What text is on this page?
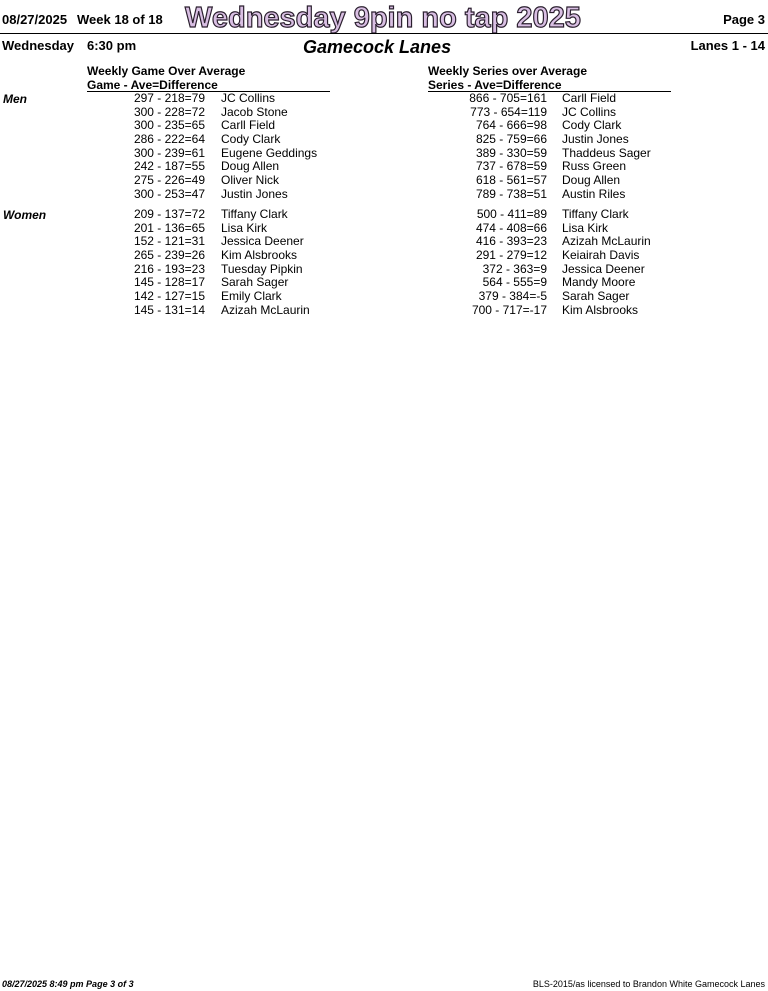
08/27/2025 Week 18 of 18 Wednesday 9pin no tap 2025	Page 3
Wednesday 6:30 pm	Gamecock Lanes	Lanes 1 - 14
Weekly Game Over Average
Game - Ave=Difference
Weekly Series over Average
Series - Ave=Difference
Men
Women
297 - 218=79 JC Collins
300 - 228=72 Jacob Stone
300 - 235=65 Carll Field
286 - 222=64 Cody Clark
300 - 239=61 Eugene Geddings
242 - 187=55 Doug Allen
275 - 226=49 Oliver Nick
300 - 253=47 Justin Jones
866 - 705=161 Carll Field
773 - 654=119 JC Collins
764 - 666=98 Cody Clark
825 - 759=66 Justin Jones
389 - 330=59 Thaddeus Sager
737 - 678=59 Russ Green
618 - 561=57 Doug Allen
789 - 738=51 Austin Riles
209 - 137=72 Tiffany Clark
201 - 136=65 Lisa Kirk
152 - 121=31 Jessica Deener
265 - 239=26 Kim Alsbrooks
216 - 193=23 Tuesday Pipkin
145 - 128=17 Sarah Sager
142 - 127=15 Emily Clark
145 - 131=14 Azizah McLaurin
500 - 411=89 Tiffany Clark
474 - 408=66 Lisa Kirk
416 - 393=23 Azizah McLaurin
291 - 279=12 Keiairah Davis
372 - 363=9 Jessica Deener
564 - 555=9 Mandy Moore
379 - 384=-5 Sarah Sager
700 - 717=-17 Kim Alsbrooks
08/27/2025 8:49 pm Page 3 of 3	BLS-2015/as licensed to Brandon White Gamecock Lanes
